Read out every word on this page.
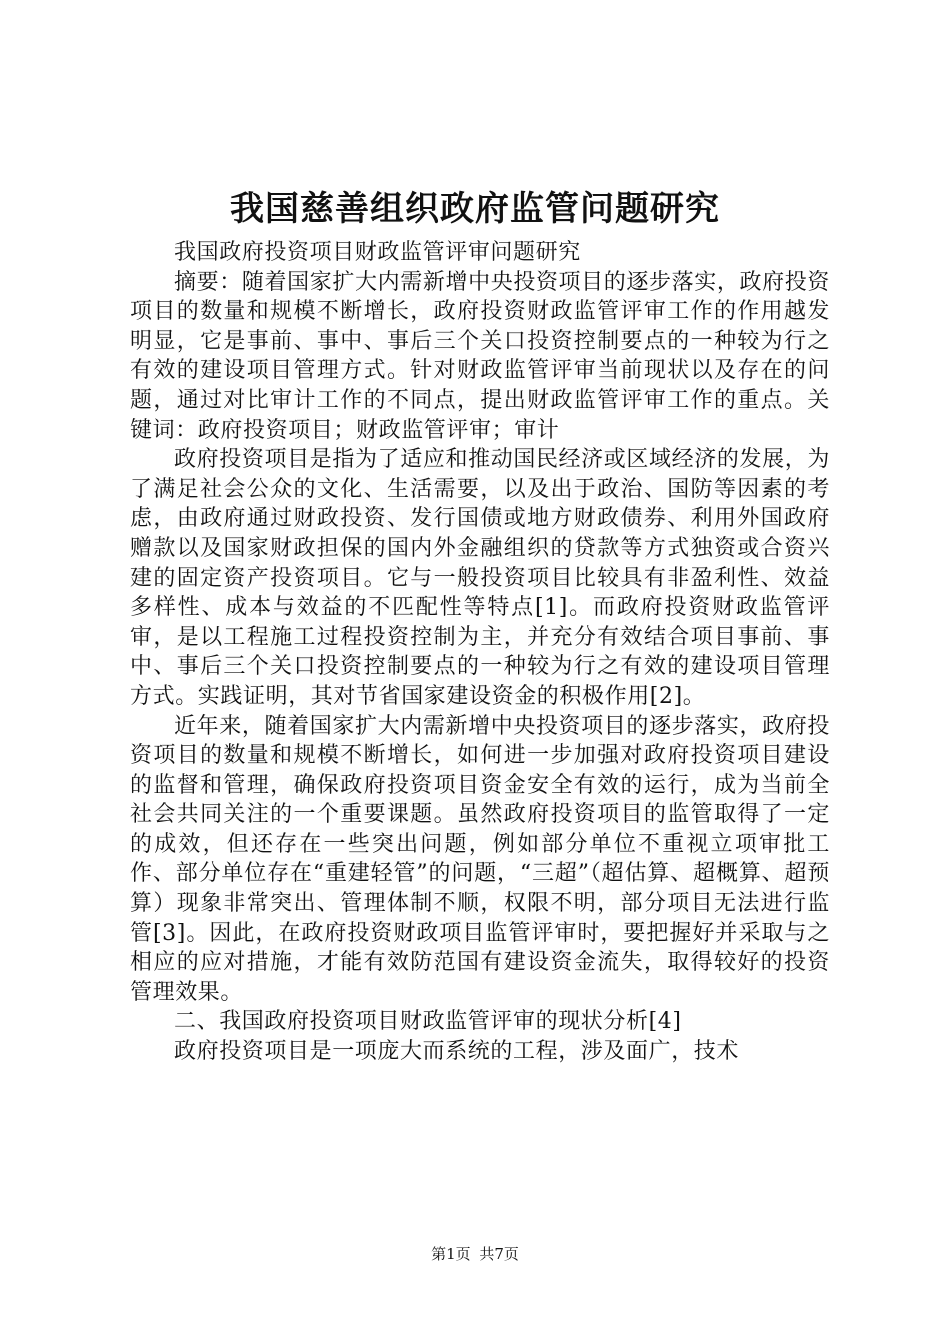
我国慈善组织政府监管问题研究

我国政府投资项目财政监管评审问题研究

摘要：随着国家扩大内需新增中央投资项目的逐步落实，政府投资项目的数量和规模不断增长，政府投资财政监管评审工作的作用越发明显，它是事前、事中、事后三个关口投资控制要点的一种较为行之有效的建设项目管理方式。针对财政监管评审当前现状以及存在的问题，通过对比审计工作的不同点，提出财政监管评审工作的重点。关键词：政府投资项目；财政监管评审；审计

政府投资项目是指为了适应和推动国民经济或区域经济的发展，为了满足社会公众的文化、生活需要，以及出于政治、国防等因素的考虑，由政府通过财政投资、发行国债或地方财政债券、利用外国政府赠款以及国家财政担保的国内外金融组织的贷款等方式独资或合资兴建的固定资产投资项目。它与一般投资项目比较具有非盈利性、效益多样性、成本与效益的不匹配性等特点[1]。而政府投资财政监管评审，是以工程施工过程投资控制为主，并充分有效结合项目事前、事中、事后三个关口投资控制要点的一种较为行之有效的建设项目管理方式。实践证明，其对节省国家建设资金的积极作用[2]。

近年来，随着国家扩大内需新增中央投资项目的逐步落实，政府投资项目的数量和规模不断增长，如何进一步加强对政府投资项目建设的监督和管理，确保政府投资项目资金安全有效的运行，成为当前全社会共同关注的一个重要课题。虽然政府投资项目的监管取得了一定的成效，但还存在一些突出问题，例如部分单位不重视立项审批工作、部分单位存在“重建轻管”的问题，“三超”（超估算、超概算、超预算）现象非常突出、管理体制不顺，权限不明，部分项目无法进行监管[3]。因此，在政府投资财政项目监管评审时，要把握好并采取与之相应的应对措施，才能有效防范国有建设资金流失，取得较好的投资管理效果。

二、我国政府投资项目财政监管评审的现状分析[4]

政府投资项目是一项庞大而系统的工程，涉及面广，技术

第1页 共7页
